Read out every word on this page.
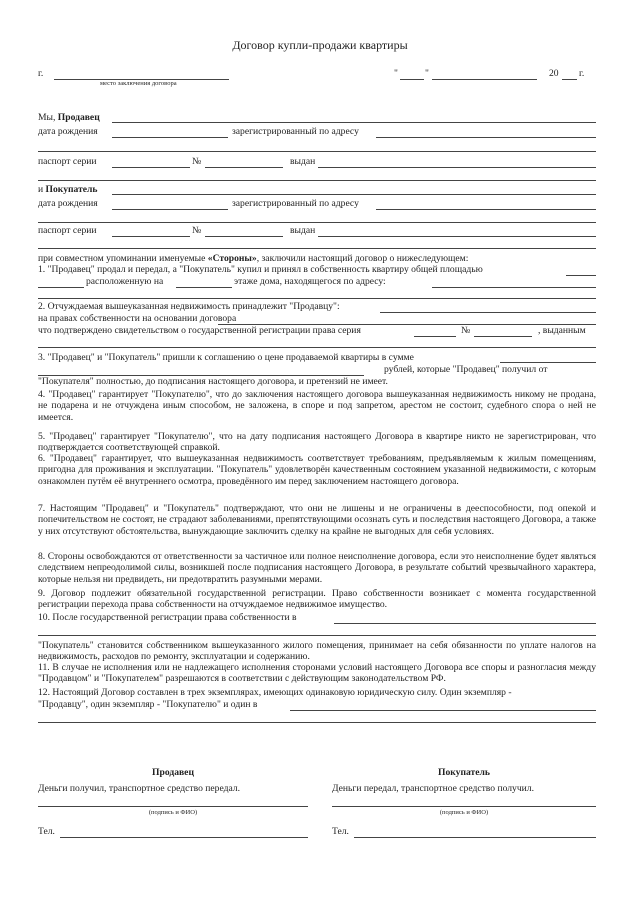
Договор купли-продажи квартиры
г.
место заключения договора
"	"	20 г.
Мы, Продавец
дата рождения	зарегистрированный по адресу
паспорт серии	№	выдан
и Покупатель
дата рождения	зарегистрированный по адресу
паспорт серии	№	выдан
при совместном упоминании именуемые «Стороны», заключили настоящий договор о нижеследующем:
1. "Продавец" продал и передал, а "Покупатель" купил и принял в собственность квартиру общей площадью
расположенную на	этаже дома, находящегося по адресу:
2. Отчуждаемая вышеуказанная недвижимость принадлежит "Продавцу":
на правах собственности на основании договора
что подтверждено свидетельством о государственной регистрации права серия	№	, выданным
3. "Продавец" и "Покупатель" пришли к соглашению о цене продаваемой квартиры в сумме
рублей, которые "Продавец" получил от
"Покупателя" полностью, до подписания настоящего договора, и претензий не имеет.
4. "Продавец" гарантирует "Покупателю", что до заключения настоящего договора вышеуказанная недвижимость никому не продана, не подарена и не отчуждена иным способом, не заложена, в споре и под запретом, арестом не состоит, судебного спора о ней не имеется.
5. "Продавец" гарантирует "Покупателю", что на дату подписания настоящего Договора в квартире никто не зарегистрирован, что подтверждается соответствующей справкой.
6. "Продавец" гарантирует, что вышеуказанная недвижимость соответствует требованиям, предъявляемым к жилым помещениям, пригодна для проживания и эксплуатации. "Покупатель" удовлетворён качественным состоянием указанной недвижимости, с которым ознакомлен путём её внутреннего осмотра, проведённого им перед заключением настоящего договора.
7. Настоящим "Продавец" и "Покупатель" подтверждают, что они не лишены и не ограничены в дееспособности, под опекой и попечительством не состоят, не страдают заболеваниями, препятствующими осознать суть и последствия настоящего Договора, а также у них отсутствуют обстоятельства, вынуждающие заключить сделку на крайне не выгодных для себя условиях.
8. Стороны освобождаются от ответственности за частичное или полное неисполнение договора, если это неисполнение будет являться следствием непреодолимой силы, возникшей после подписания настоящего Договора, в результате событий чрезвычайного характера, которые нельзя ни предвидеть, ни предотвратить разумными мерами.
9. Договор подлежит обязательной государственной регистрации. Право собственности возникает с момента государственной регистрации перехода права собственности на отчуждаемое недвижимое имущество.
10. После государственной регистрации права собственности в
"Покупатель" становится собственником вышеуказанного жилого помещения, принимает на себя обязанности по уплате налогов на недвижимость, расходов по ремонту, эксплуатации и содержанию.
11. В случае не исполнения или не надлежащего исполнения сторонами условий настоящего Договора все споры и разногласия между "Продавцом" и "Покупателем" разрешаются в соответствии с действующим законодательством РФ.
12. Настоящий Договор составлен в трех экземплярах, имеющих одинаковую юридическую силу. Один экземпляр -
"Продавцу", один экземпляр - "Покупателю" и один в
Продавец
Деньги получил, транспортное средство передал.
(подпись и ФИО)
Тел.
Покупатель
Деньги передал, транспортное средство получил.
(подпись и ФИО)
Тел.
